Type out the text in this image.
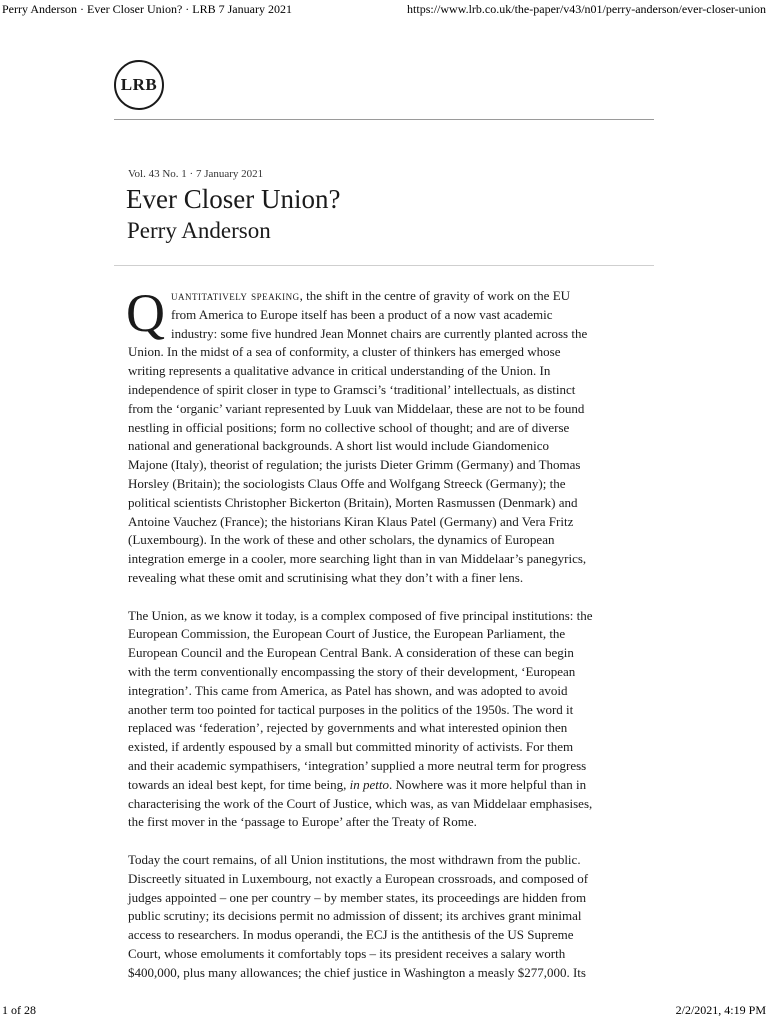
Perry Anderson · Ever Closer Union? · LRB 7 January 2021	https://www.lrb.co.uk/the-paper/v43/n01/perry-anderson/ever-closer-union
LRB
Vol. 43 No. 1 · 7 January 2021
Ever Closer Union?
Perry Anderson

Quantitatively speaking, the shift in the centre of gravity of work on the EU
from America to Europe itself has been a product of a now vast academic
industry: some five hundred Jean Monnet chairs are currently planted across the
Union. In the midst of a sea of conformity, a cluster of thinkers has emerged whose
writing represents a qualitative advance in critical understanding of the Union. In
independence of spirit closer in type to Gramsci’s ‘traditional’ intellectuals, as distinct
from the ‘organic’ variant represented by Luuk van Middelaar, these are not to be found
nestling in official positions; form no collective school of thought; and are of diverse
national and generational backgrounds. A short list would include Giandomenico
Majone (Italy), theorist of regulation; the jurists Dieter Grimm (Germany) and Thomas
Horsley (Britain); the sociologists Claus Offe and Wolfgang Streeck (Germany); the
political scientists Christopher Bickerton (Britain), Morten Rasmussen (Denmark) and
Antoine Vauchez (France); the historians Kiran Klaus Patel (Germany) and Vera Fritz
(Luxembourg). In the work of these and other scholars, the dynamics of European
integration emerge in a cooler, more searching light than in van Middelaar’s panegyrics,
revealing what these omit and scrutinising what they don’t with a finer lens.

The Union, as we know it today, is a complex composed of five principal institutions: the
European Commission, the European Court of Justice, the European Parliament, the
European Council and the European Central Bank. A consideration of these can begin
with the term conventionally encompassing the story of their development, ‘European
integration’. This came from America, as Patel has shown, and was adopted to avoid
another term too pointed for tactical purposes in the politics of the 1950s. The word it
replaced was ‘federation’, rejected by governments and what interested opinion then
existed, if ardently espoused by a small but committed minority of activists. For them
and their academic sympathisers, ‘integration’ supplied a more neutral term for progress
towards an ideal best kept, for time being, in petto. Nowhere was it more helpful than in
characterising the work of the Court of Justice, which was, as van Middelaar emphasises,
the first mover in the ‘passage to Europe’ after the Treaty of Rome.

Today the court remains, of all Union institutions, the most withdrawn from the public.
Discreetly situated in Luxembourg, not exactly a European crossroads, and composed of
judges appointed – one per country – by member states, its proceedings are hidden from
public scrutiny; its decisions permit no admission of dissent; its archives grant minimal
access to researchers. In modus operandi, the ECJ is the antithesis of the US Supreme
Court, whose emoluments it comfortably tops – its president receives a salary worth
$400,000, plus many allowances; the chief justice in Washington a measly $277,000. Its

1 of 28	2/2/2021, 4:19 PM
